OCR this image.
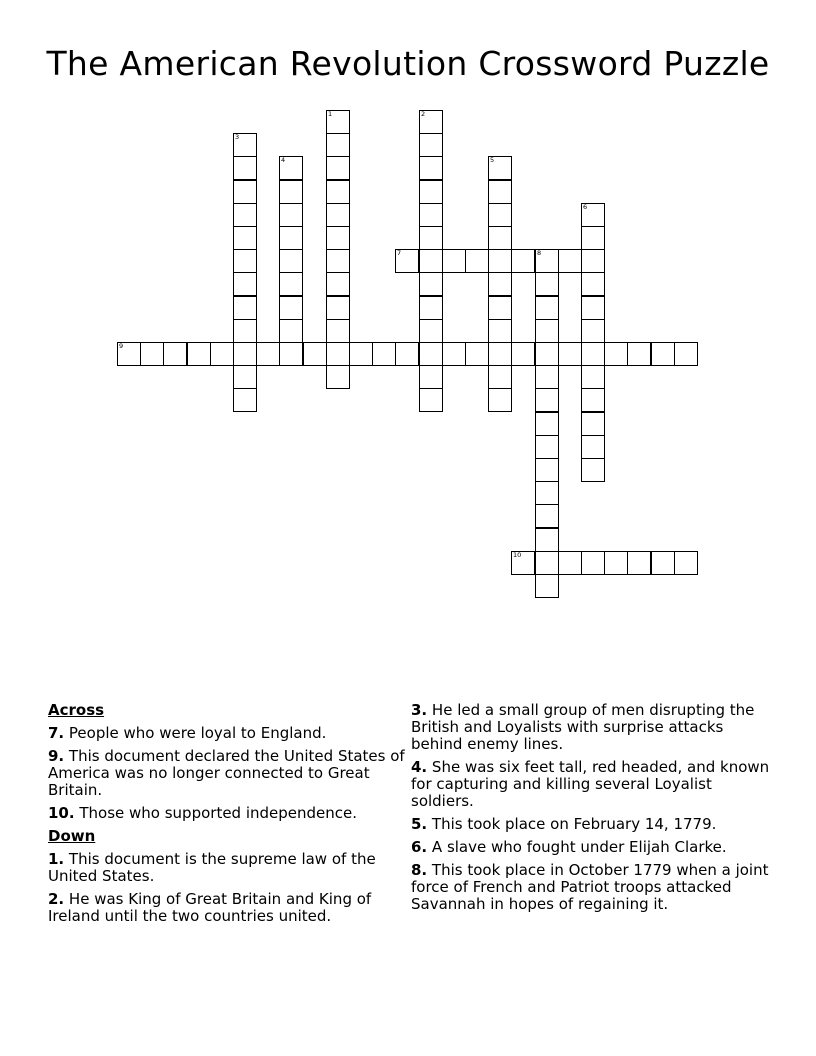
The American Revolution Crossword Puzzle
1	2
3
4	5
6
7	8
9
10
Across
7. People who were loyal to England.
9. This document declared the United States of America was no longer connected to Great Britain.
10. Those who supported independence.
Down
1. This document is the supreme law of the United States.
2. He was King of Great Britain and King of Ireland until the two countries united.
3. He led a small group of men disrupting the British and Loyalists with surprise attacks behind enemy lines.
4. She was six feet tall, red headed, and known for capturing and killing several Loyalist soldiers.
5. This took place on February 14, 1779.
6. A slave who fought under Elijah Clarke.
8. This took place in October 1779 when a joint force of French and Patriot troops attacked Savannah in hopes of regaining it.
